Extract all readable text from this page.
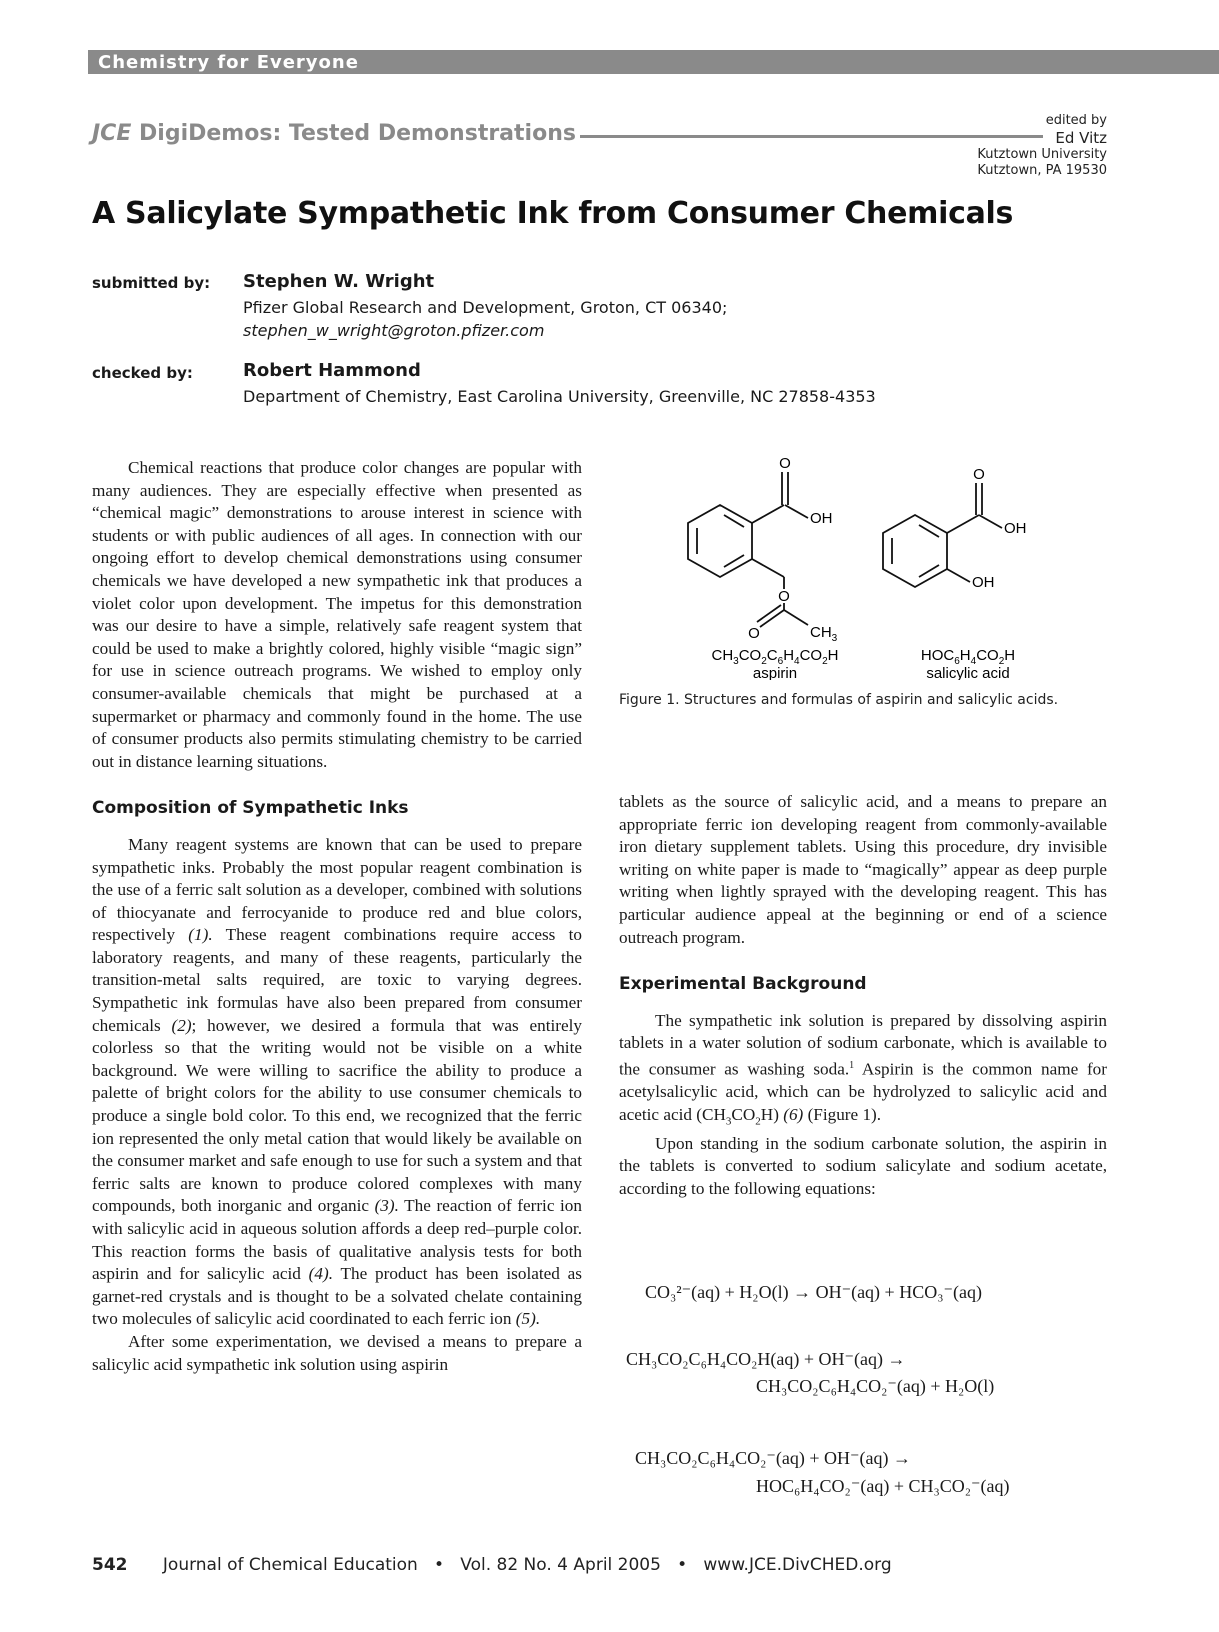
Chemistry for Everyone
JCE DigiDemos: Tested Demonstrations
edited by
Ed Vitz
Kutztown University
Kutztown, PA 19530
A Salicylate Sympathetic Ink from Consumer Chemicals
submitted by: Stephen W. Wright
Pfizer Global Research and Development, Groton, CT 06340;
stephen_w_wright@groton.pfizer.com
checked by:	Robert Hammond
Department of Chemistry, East Carolina University, Greenville, NC 27858-4353

Chemical reactions that produce color changes are popular with many audiences. They are especially effective when presented as “chemical magic” demonstrations to arouse interest in science with students or with public audiences of all ages. In connection with our ongoing effort to develop chemical demonstrations using consumer chemicals we have developed a new sympathetic ink that produces a violet color upon development. The impetus for this demonstration was our desire to have a simple, relatively safe reagent system that could be used to make a brightly colored, highly visible “magic sign” for use in science outreach programs. We wished to employ only consumer-available chemicals that might be purchased at a supermarket or pharmacy and commonly found in the home. The use of consumer products also permits stimulating chemistry to be carried out in distance learning situations.

Composition of Sympathetic Inks

Many reagent systems are known that can be used to prepare sympathetic inks. Probably the most popular reagent combination is the use of a ferric salt solution as a developer, combined with solutions of thiocyanate and ferrocyanide to produce red and blue colors, respectively (1). These reagent combinations require access to laboratory reagents, and many of these reagents, particularly the transition-metal salts required, are toxic to varying degrees. Sympathetic ink formulas have also been prepared from consumer chemicals (2); however, we desired a formula that was entirely colorless so that the writing would not be visible on a white background. We were willing to sacrifice the ability to produce a palette of bright colors for the ability to use consumer chemicals to produce a single bold color. To this end, we recognized that the ferric ion represented the only metal cation that would likely be available on the consumer market and safe enough to use for such a system and that ferric salts are known to produce colored complexes with many compounds, both inorganic and organic (3). The reaction of ferric ion with salicylic acid in aqueous solution affords a deep red–purple color. This reaction forms the basis of qualitative analysis tests for both aspirin and for salicylic acid (4). The product has been isolated as garnet-red crystals and is thought to be a solvated chelate containing two molecules of salicylic acid coordinated to each ferric ion (5).

After some experimentation, we devised a means to prepare a salicylic acid sympathetic ink solution using aspirin

O
OH
O
O	$CH_3$
O
OH
OH
$CH_3CO_2C_6H_4CO_2H$
aspirin
$HOC_6H_4CO_2H$
salicylic acid
Figure 1. Structures and formulas of aspirin and salicylic acids.

tablets as the source of salicylic acid, and a means to prepare an appropriate ferric ion developing reagent from commonly-available iron dietary supplement tablets. Using this procedure, dry invisible writing on white paper is made to “magically” appear as deep purple writing when lightly sprayed with the developing reagent. This has particular audience appeal at the beginning or end of a science outreach program.

Experimental Background

The sympathetic ink solution is prepared by dissolving aspirin tablets in a water solution of sodium carbonate, which is available to the consumer as washing soda.$^1$ Aspirin is the common name for acetylsalicylic acid, which can be hydrolyzed to salicylic acid and acetic acid $(CH_3CO_2H)$ (6) (Figure 1).

Upon standing in the sodium carbonate solution, the aspirin in the tablets is converted to sodium salicylate and sodium acetate, according to the following equations:

CO₃²⁻(aq) + H₂O(l) → OH⁻(aq) + HCO₃⁻(aq)
CH₃CO₂C₆H₄CO₂H(aq) + OH⁻(aq) →
CH₃CO₂C₆H₄CO₂⁻(aq) + H₂O(l)
CH₃CO₂C₆H₄CO₂⁻(aq) + OH⁻(aq) →
HOC₆H₄CO₂⁻(aq) + CH₃CO₂⁻(aq)
542 Journal of Chemical Education • Vol. 82 No. 4 April 2005 • www.JCE.DivCHED.org
